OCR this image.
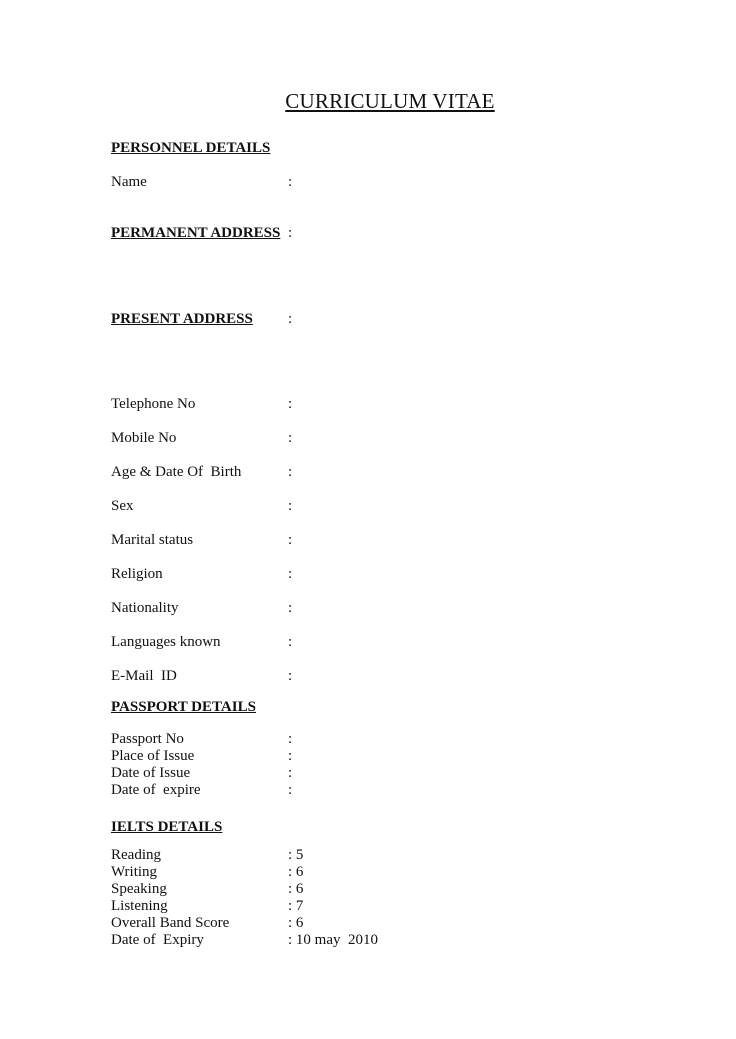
CURRICULUM VITAE
PERSONNEL DETAILS

Name

	:

PERMANENT ADDRESS

:

PRESENT ADDRESS

:

Telephone No

	:

Mobile No

	:

Age & Date Of  Birth

	:

Sex

	:

Marital status

	:

Religion

	:

Nationality

	:

Languages known

	:

E-Mail  ID

	:

PASSPORT DETAILS

Passport No

	:

Place of Issue

	:

Date of Issue

	:

Date of  expire

	:

IELTS DETAILS

Reading

	: 5

Writing

	: 6

Speaking

	: 6

Listening

	: 7

Overall Band Score

	: 6

Date of  Expiry

	: 10 may  2010
